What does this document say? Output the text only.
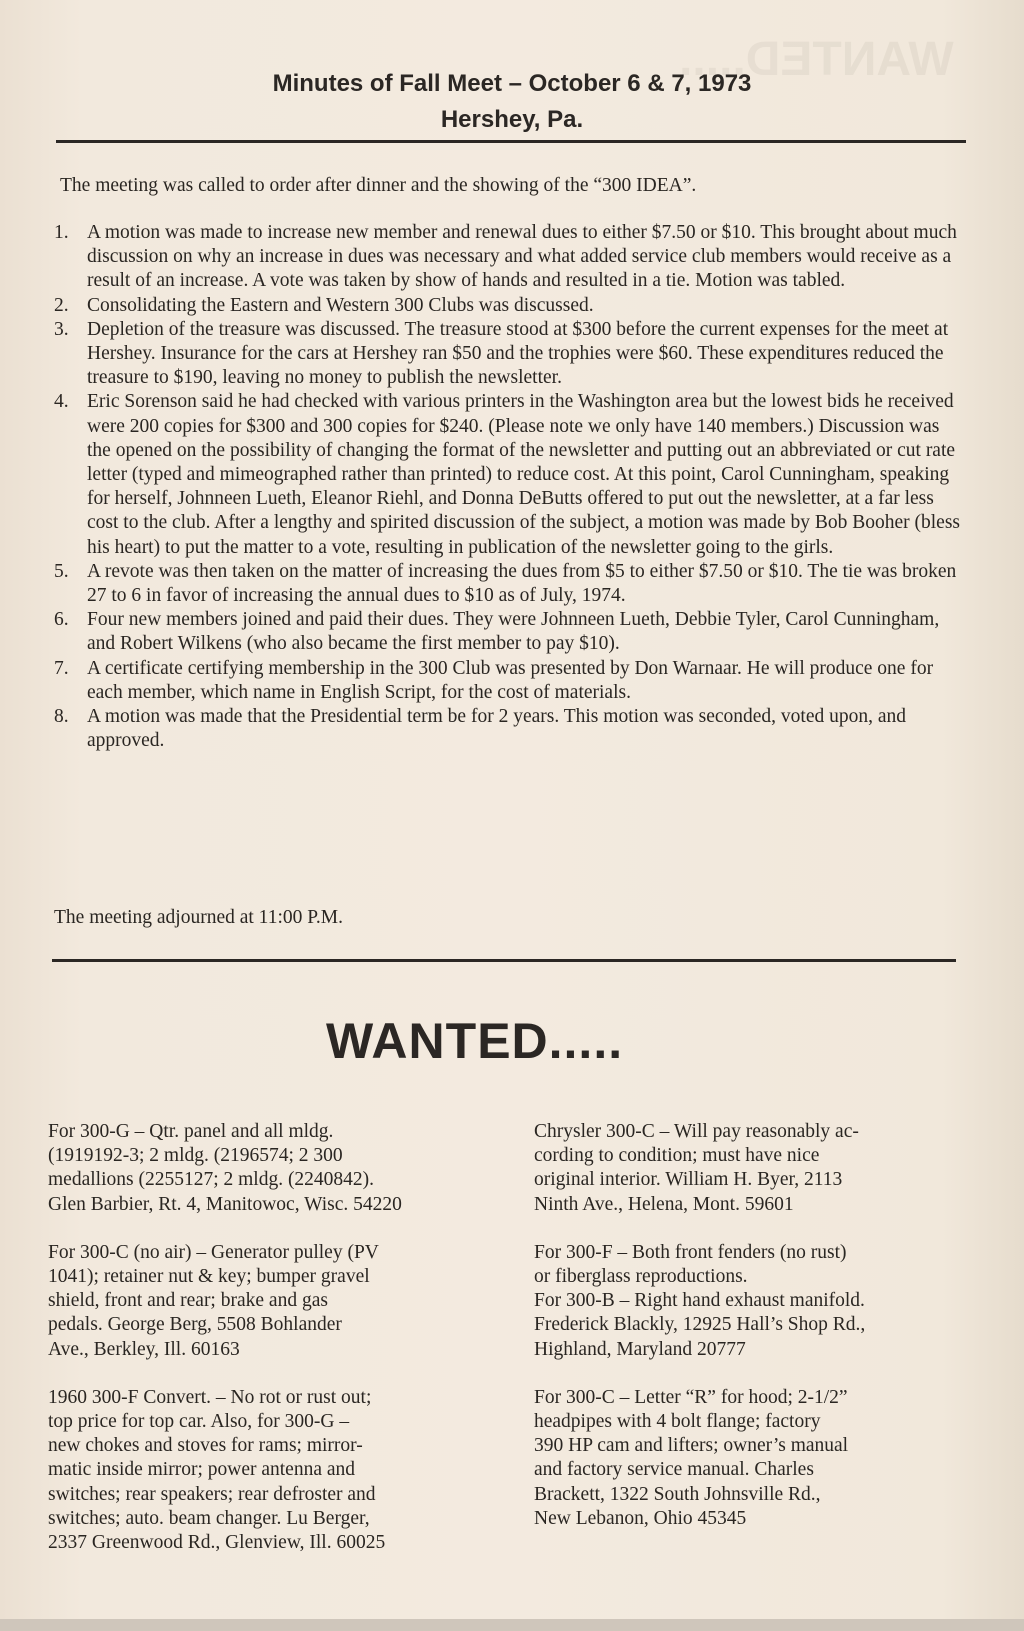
WANTED.....
Minutes of Fall Meet – October 6 & 7, 1973
Hershey, Pa.

The meeting was called to order after dinner and the showing of the “300 IDEA”.

1. A motion was made to increase new member and renewal dues to either $7.50 or $10. This brought about much discussion on why an increase in dues was necessary and what added service club members would receive as a result of an increase. A vote was taken by show of hands and resulted in a tie. Motion was tabled.
2. Consolidating the Eastern and Western 300 Clubs was discussed.
3. Depletion of the treasure was discussed. The treasure stood at $300 before the current expenses for the meet at Hershey. Insurance for the cars at Hershey ran $50 and the trophies were $60. These expenditures reduced the treasure to $190, leaving no money to publish the newsletter.
4. Eric Sorenson said he had checked with various printers in the Washington area but the lowest bids he received were 200 copies for $300 and 300 copies for $240. (Please note we only have 140 members.) Discussion was the opened on the possibility of changing the format of the newsletter and putting out an abbreviated or cut rate letter (typed and mimeographed rather than printed) to reduce cost. At this point, Carol Cunningham, speaking for herself, Johnneen Lueth, Eleanor Riehl, and Donna DeButts offered to put out the newsletter, at a far less cost to the club. After a lengthy and spirited discussion of the subject, a motion was made by Bob Booher (bless his heart) to put the matter to a vote, resulting in publication of the newsletter going to the girls.
5. A revote was then taken on the matter of increasing the dues from $5 to either $7.50 or $10. The tie was broken 27 to 6 in favor of increasing the annual dues to $10 as of July, 1974.
6. Four new members joined and paid their dues. They were Johnneen Lueth, Debbie Tyler, Carol Cunningham, and Robert Wilkens (who also became the first member to pay $10).
7. A certificate certifying membership in the 300 Club was presented by Don Warnaar. He will produce one for each member, which name in English Script, for the cost of materials.
8. A motion was made that the Presidential term be for 2 years. This motion was seconded, voted upon, and approved.

The meeting adjourned at 11:00 P.M.

WANTED.....

For 300-G – Qtr. panel and all mldg.

(1919192-3; 2 mldg. (2196574; 2 300

medallions (2255127; 2 mldg. (2240842).

Glen Barbier, Rt. 4, Manitowoc, Wisc. 54220

For 300-C (no air) – Generator pulley (PV

1041); retainer nut & key; bumper gravel

shield, front and rear; brake and gas

pedals. George Berg, 5508 Bohlander

Ave., Berkley, Ill. 60163

1960 300-F Convert. – No rot or rust out;

top price for top car. Also, for 300-G –

new chokes and stoves for rams; mirror-

matic inside mirror; power antenna and

switches; rear speakers; rear defroster and

switches; auto. beam changer. Lu Berger,

2337 Greenwood Rd., Glenview, Ill. 60025

Chrysler 300-C – Will pay reasonably ac-

cording to condition; must have nice

original interior. William H. Byer, 2113

Ninth Ave., Helena, Mont. 59601

For 300-F – Both front fenders (no rust)

or fiberglass reproductions.

For 300-B – Right hand exhaust manifold.

Frederick Blackly, 12925 Hall’s Shop Rd.,

Highland, Maryland 20777

For 300-C – Letter “R” for hood; 2-1/2”

headpipes with 4 bolt flange; factory

390 HP cam and lifters; owner’s manual

and factory service manual. Charles

Brackett, 1322 South Johnsville Rd.,

New Lebanon, Ohio 45345
